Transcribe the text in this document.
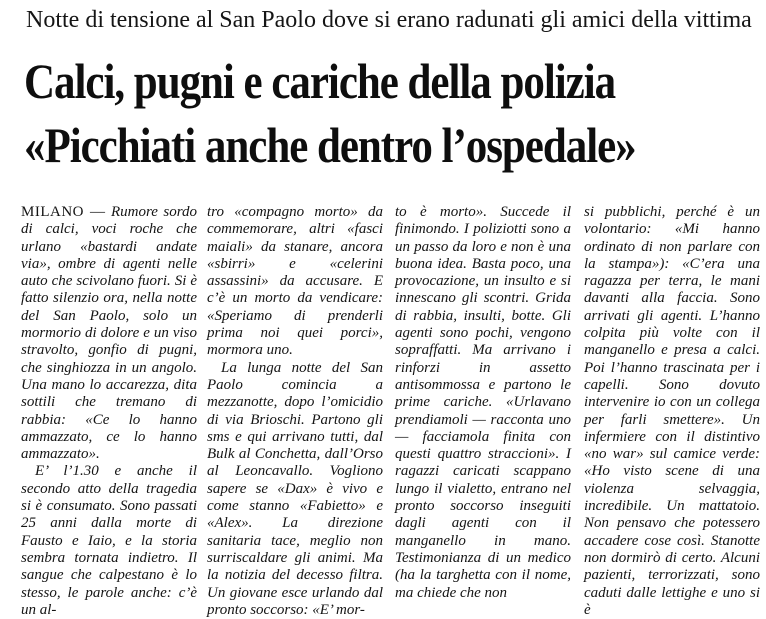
Notte di tensione al San Paolo dove si erano radunati gli amici della vittima
Calci, pugni e cariche della polizia
«Picchiati anche dentro l’ospedale»

MILANO — Rumore sordo di calci, voci roche che urlano «bastardi andate via», ombre di agenti nelle auto che scivolano fuori. Si è fatto silenzio ora, nella notte del San Paolo, solo un mormorio di dolore e un viso stravolto, gonfio di pugni, che singhiozza in un angolo. Una mano lo accarezza, dita sottili che tremano di rabbia: «Ce lo hanno ammazzato, ce lo hanno ammazzato».

E’ l’1.30 e anche il secondo atto della tragedia si è consumato. Sono passati 25 anni dalla morte di Fausto e Iaio, e la storia sembra tornata indietro. Il sangue che calpestano è lo stesso, le parole anche: c’è un al-

tro «compagno morto» da commemorare, altri «fasci maiali» da stanare, ancora «sbirri» e «celerini assassini» da accusare. E c’è un morto da vendicare: «Speriamo di prenderli prima noi quei porci», mormora uno.

La lunga notte del San Paolo comincia a mezzanotte, dopo l’omicidio di via Brioschi. Partono gli sms e qui arrivano tutti, dal Bulk al Conchetta, dall’Orso al Leoncavallo. Vogliono sapere se «Dax» è vivo e come stanno «Fabietto» e «Alex». La direzione sanitaria tace, meglio non surriscaldare gli animi. Ma la notizia del decesso filtra. Un giovane esce urlando dal pronto soccorso: «E’ mor-

to è morto». Succede il finimondo. I poliziotti sono a un passo da loro e non è una buona idea. Basta poco, una provocazione, un insulto e si innescano gli scontri. Grida di rabbia, insulti, botte. Gli agenti sono pochi, vengono sopraffatti. Ma arrivano i rinforzi in assetto antisommossa e partono le prime cariche. «Urlavano prendiamoli — racconta uno — facciamola finita con questi quattro straccioni». I ragazzi caricati scappano lungo il vialetto, entrano nel pronto soccorso inseguiti dagli agenti con il manganello in mano. Testimonianza di un medico (ha la targhetta con il nome, ma chiede che non

si pubblichi, perché è un volontario: «Mi hanno ordinato di non parlare con la stampa»): «C’era una ragazza per terra, le mani davanti alla faccia. Sono arrivati gli agenti. L’hanno colpita più volte con il manganello e presa a calci. Poi l’hanno trascinata per i capelli. Sono dovuto intervenire io con un collega per farli smettere». Un infermiere con il distintivo «no war» sul camice verde: «Ho visto scene di una violenza selvaggia, incredibile. Un mattatoio. Non pensavo che potessero accadere cose così. Stanotte non dormirò di certo. Alcuni pazienti, terrorizzati, sono caduti dalle lettighe e uno si è
